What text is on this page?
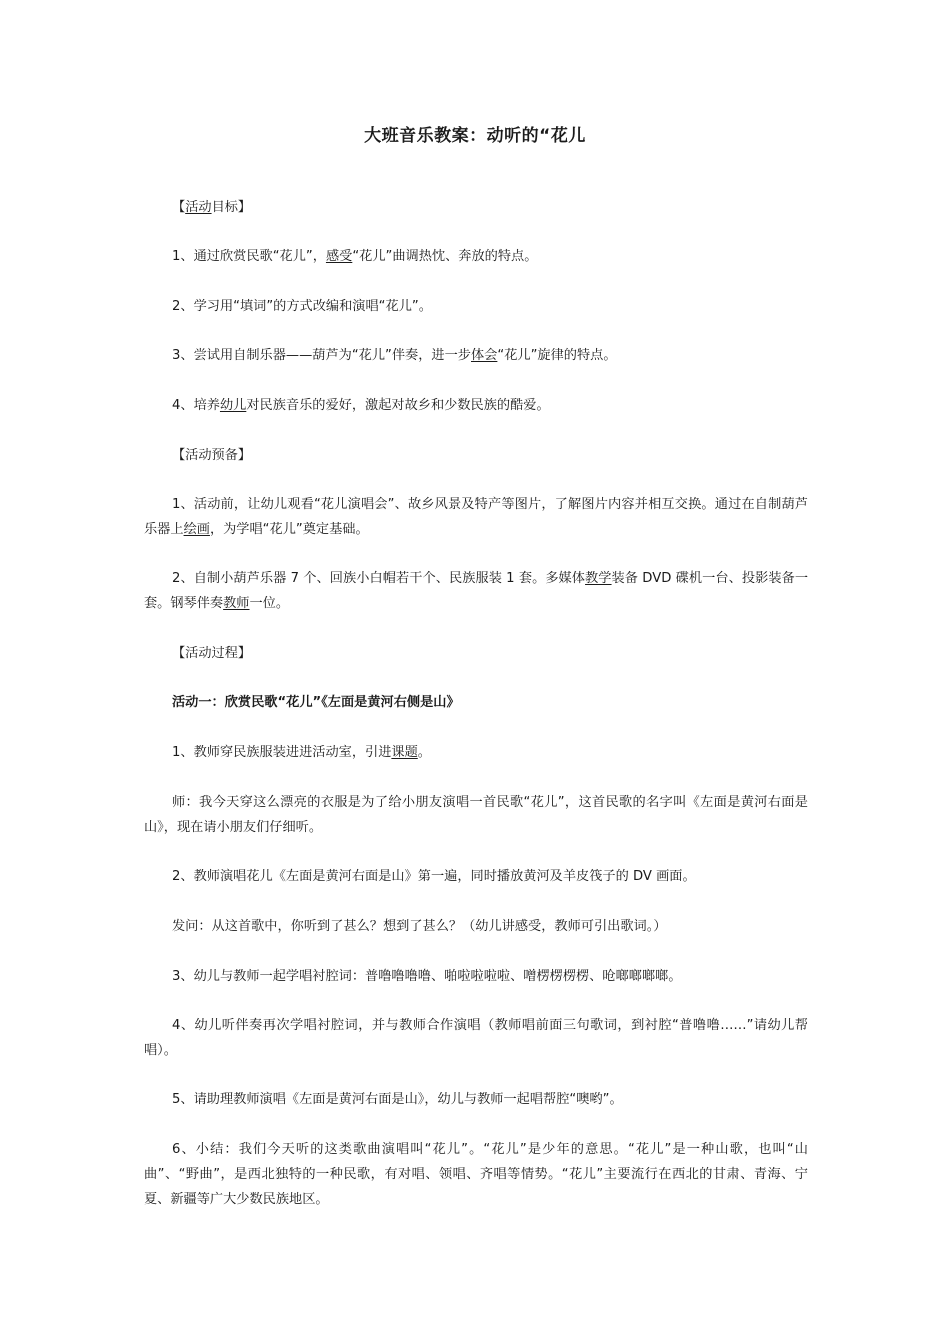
大班音乐教案：动听的“花儿

【活动目标】

1、通过欣赏民歌“花儿”，感受“花儿”曲调热忱、奔放的特点。

2、学习用“填词”的方式改编和演唱“花儿”。

3、尝试用自制乐器——葫芦为“花儿”伴奏，进一步体会“花儿”旋律的特点。

4、培养幼儿对民族音乐的爱好，激起对故乡和少数民族的酷爱。

【活动预备】

1、活动前，让幼儿观看“花儿演唱会”、故乡风景及特产等图片，了解图片内容并相互交换。通过在自制葫芦乐器上绘画，为学唱“花儿”奠定基础。

2、自制小葫芦乐器 7 个、回族小白帽若干个、民族服装 1 套。多媒体教学装备 DVD 碟机一台、投影装备一套。钢琴伴奏教师一位。

【活动过程】

活动一：欣赏民歌“花儿”《左面是黄河右侧是山》

1、教师穿民族服装进进活动室，引进课题。

师：我今天穿这么漂亮的衣服是为了给小朋友演唱一首民歌“花儿”，这首民歌的名字叫《左面是黄河右面是山》，现在请小朋友们仔细听。

2、教师演唱花儿《左面是黄河右面是山》第一遍，同时播放黄河及羊皮筏子的 DV 画面。

发问：从这首歌中，你听到了甚么？想到了甚么？（幼儿讲感受，教师可引出歌词。）

3、幼儿与教师一起学唱衬腔词：普噜噜噜噜、啪啦啦啦啦、噌楞楞楞楞、呛啷啷啷啷。

4、幼儿听伴奏再次学唱衬腔词，并与教师合作演唱（教师唱前面三句歌词，到衬腔“普噜噜……”请幼儿帮唱）。

5、请助理教师演唱《左面是黄河右面是山》，幼儿与教师一起唱帮腔“噢哟”。

6、小结：我们今天听的这类歌曲演唱叫“花儿”。“花儿”是少年的意思。“花儿”是一种山歌，也叫“山曲”、“野曲”，是西北独特的一种民歌，有对唱、领唱、齐唱等情势。“花儿”主要流行在西北的甘肃、青海、宁夏、新疆等广大少数民族地区。
